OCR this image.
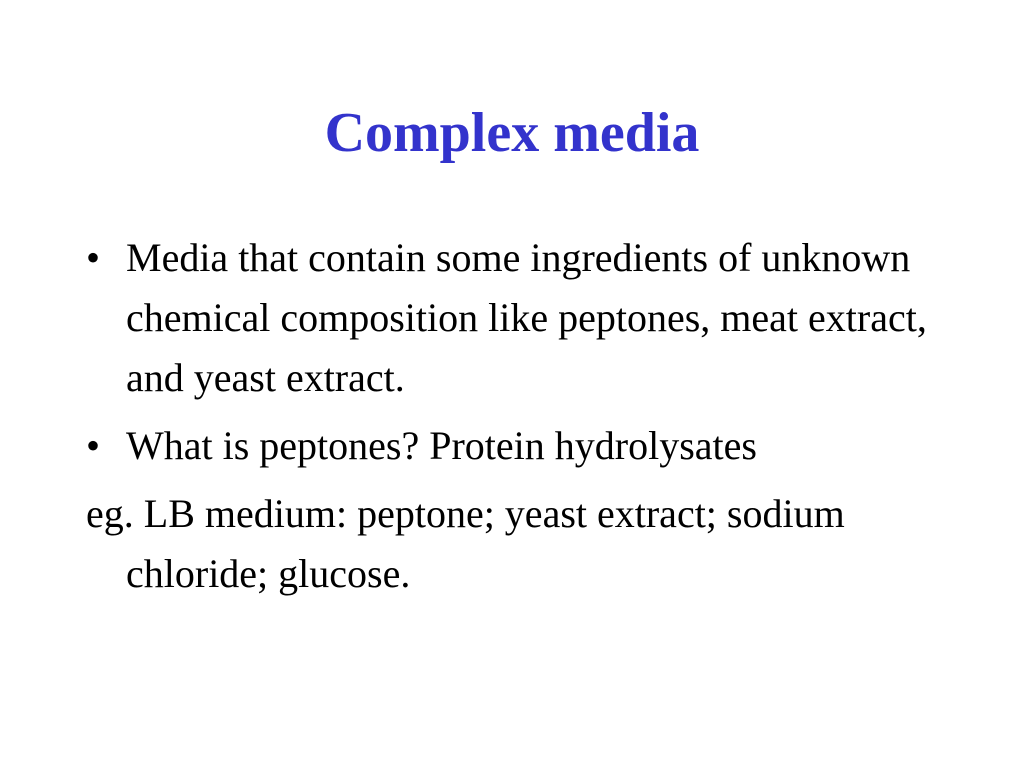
Complex media
• Media that contain some ingredients of unknown chemical composition like peptones, meat extract, and yeast extract.
• What is peptones? Protein hydrolysates
eg. LB medium: peptone; yeast extract; sodium chloride; glucose.
